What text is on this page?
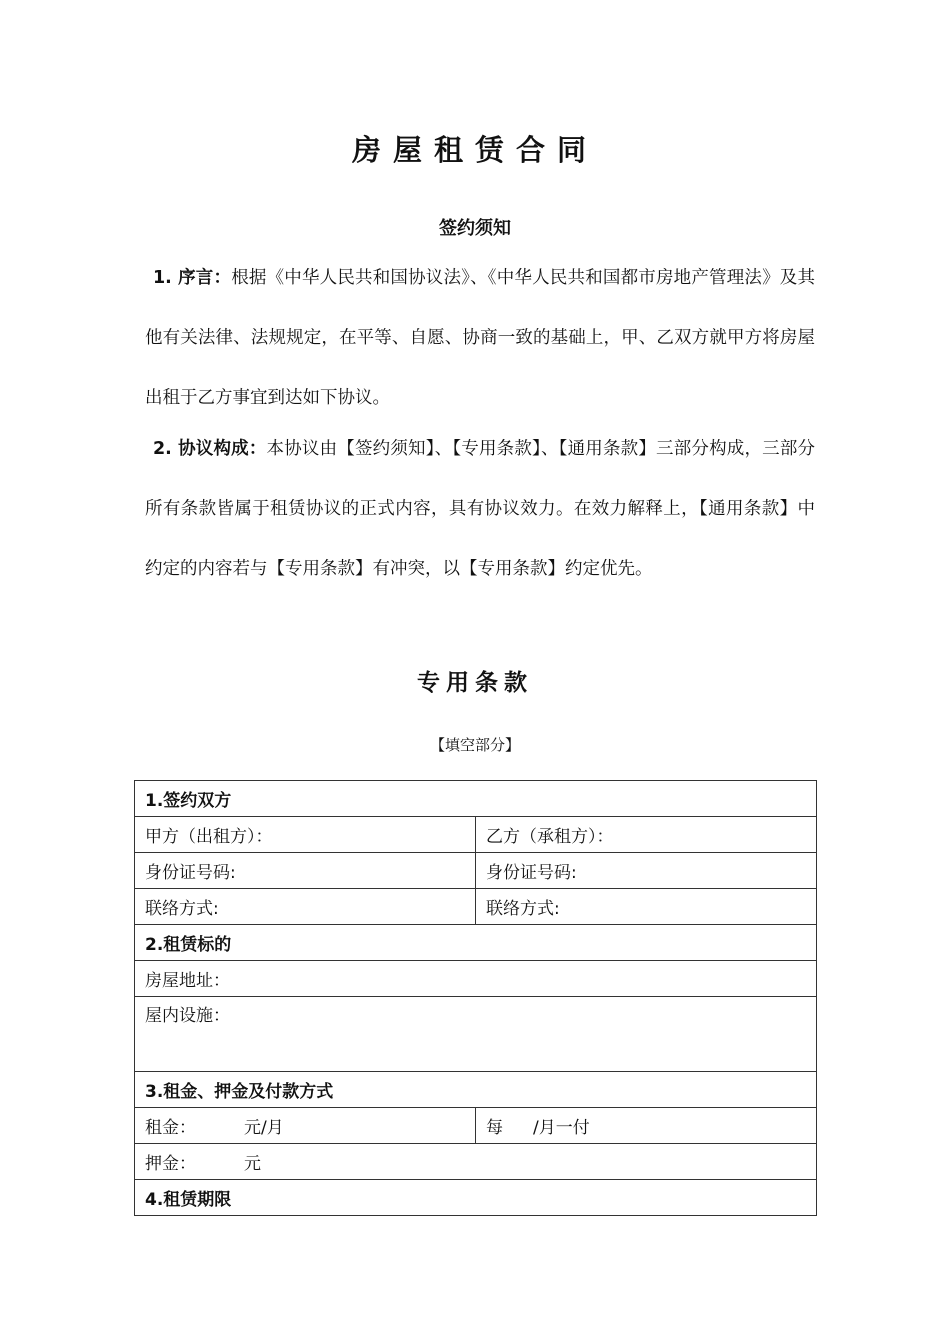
房屋租赁合同
签约须知
1. 序言：根据《中华人民共和国协议法》、《中华人民共和国都市房地产管理法》及其他有关法律、法规规定，在平等、自愿、协商一致的基础上，甲、乙双方就甲方将房屋出租于乙方事宜到达如下协议。
2. 协议构成：本协议由【签约须知】、【专用条款】、【通用条款】三部分构成，三部分所有条款皆属于租赁协议的正式内容，具有协议效力。在效力解释上，【通用条款】中约定的内容若与【专用条款】有冲突，以【专用条款】约定优先。
专用条款
【填空部分】
1.签约双方	
甲方（出租方）：	乙方（承租方）：
身份证号码:	身份证号码:
联络方式:	联络方式:
2.租赁标的	
房屋地址：	
屋内设施：	
3.租金、押金及付款方式	
租金： 元/月	每 /月一付
押金： 元	
4.租赁期限	
